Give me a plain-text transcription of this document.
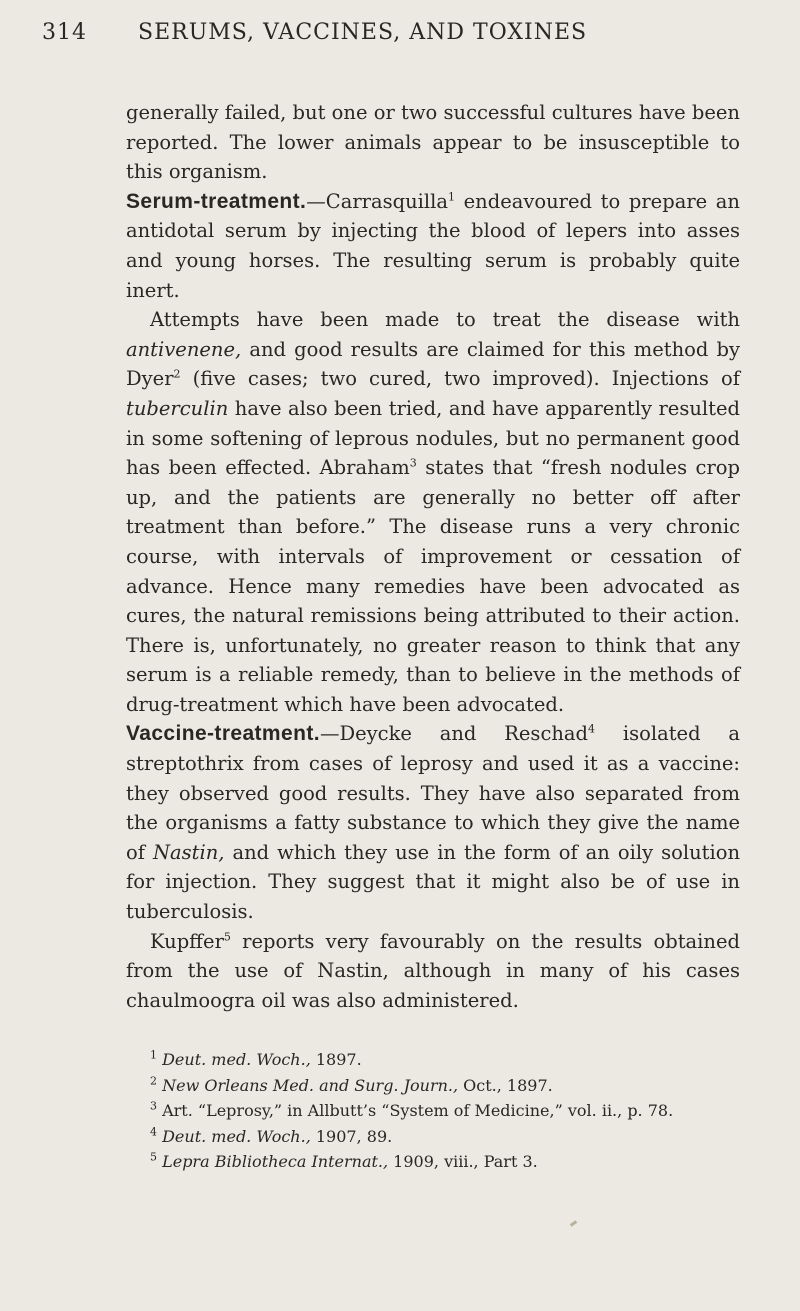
314 SERUMS, VACCINES, AND TOXINES

generally failed, but one or two successful cultures have been reported. The lower animals appear to be insusceptible to this organism.

Serum-treatment.—Carrasquilla$^1$ endeavoured to prepare an antidotal serum by injecting the blood of lepers into asses and young horses. The resulting serum is probably quite inert.

Attempts have been made to treat the disease with antivenene, and good results are claimed for this method by Dyer$^2$ (five cases; two cured, two improved). Injections of tuberculin have also been tried, and have apparently resulted in some softening of leprous nodules, but no permanent good has been effected. Abraham$^3$ states that “fresh nodules crop up, and the patients are generally no better off after treatment than before.” The disease runs a very chronic course, with intervals of improvement or cessation of advance. Hence many remedies have been advocated as cures, the natural remissions being attributed to their action. There is, unfortunately, no greater reason to think that any serum is a reliable remedy, than to believe in the methods of drug-treatment which have been advocated.

Vaccine-treatment.—Deycke and Reschad$^4$ isolated a streptothrix from cases of leprosy and used it as a vaccine: they observed good results. They have also separated from the organisms a fatty substance to which they give the name of Nastin, and which they use in the form of an oily solution for injection. They suggest that it might also be of use in tuberculosis.

Kupffer$^5$ reports very favourably on the results obtained from the use of Nastin, although in many of his cases chaulmoogra oil was also administered.

$^1$ Deut. med. Woch., 1897.

$^2$ New Orleans Med. and Surg. Journ., Oct., 1897.

$^3$ Art. “Leprosy,” in Allbutt’s “System of Medicine,” vol. ii., p. 78.

$^4$ Deut. med. Woch., 1907, 89.

$^5$ Lepra Bibliotheca Internat., 1909, viii., Part 3.
